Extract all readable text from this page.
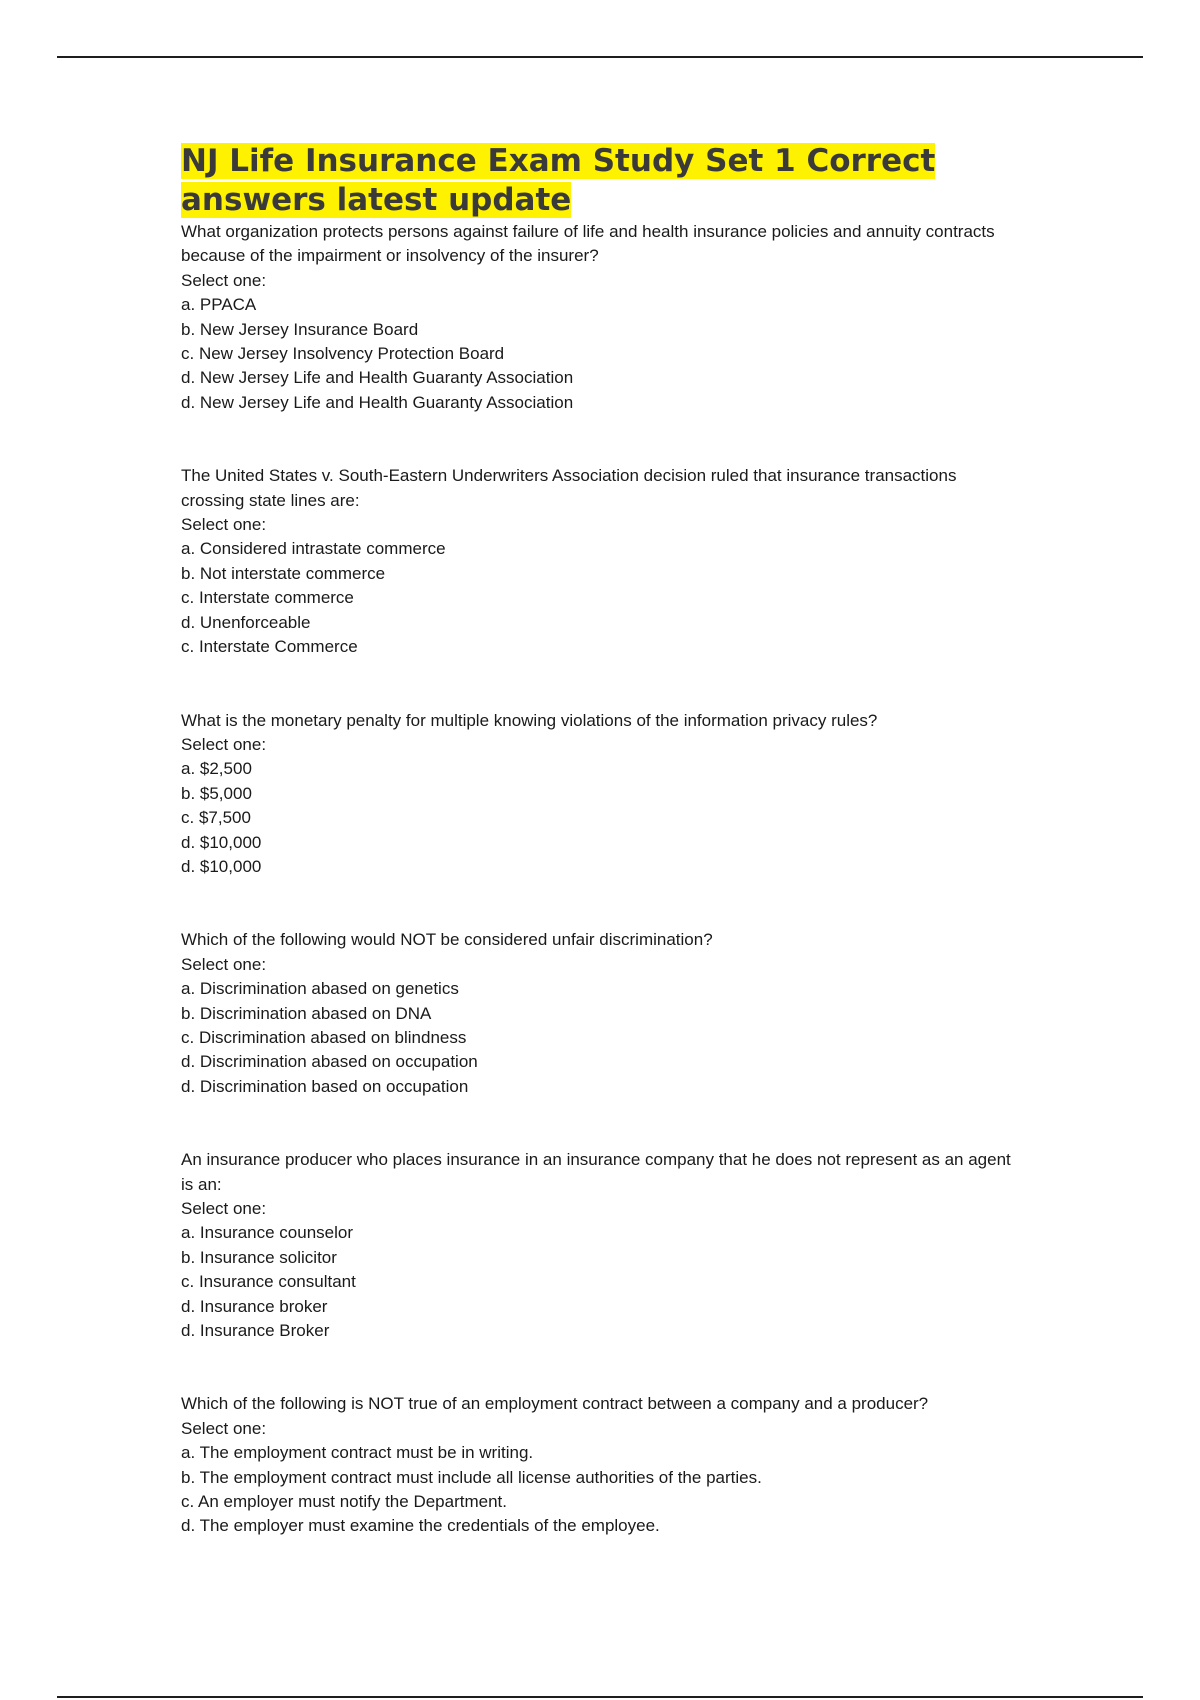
NJ Life Insurance Exam Study Set 1 Correct
answers latest update
What organization protects persons against failure of life and health insurance policies and annuity contracts because of the impairment or insolvency of the insurer?
Select one:
a. PPACA
b. New Jersey Insurance Board
c. New Jersey Insolvency Protection Board
d. New Jersey Life and Health Guaranty Association
d. New Jersey Life and Health Guaranty Association
The United States v. South-Eastern Underwriters Association decision ruled that insurance transactions crossing state lines are:
Select one:
a. Considered intrastate commerce
b. Not interstate commerce
c. Interstate commerce
d. Unenforceable
c. Interstate Commerce
What is the monetary penalty for multiple knowing violations of the information privacy rules?
Select one:
a. $2,500
b. $5,000
c. $7,500
d. $10,000
d. $10,000
Which of the following would NOT be considered unfair discrimination?
Select one:
a. Discrimination abased on genetics
b. Discrimination abased on DNA
c. Discrimination abased on blindness
d. Discrimination abased on occupation
d. Discrimination based on occupation
An insurance producer who places insurance in an insurance company that he does not represent as an agent is an:
Select one:
a. Insurance counselor
b. Insurance solicitor
c. Insurance consultant
d. Insurance broker
d. Insurance Broker
Which of the following is NOT true of an employment contract between a company and a producer?
Select one:
a. The employment contract must be in writing.
b. The employment contract must include all license authorities of the parties.
c. An employer must notify the Department.
d. The employer must examine the credentials of the employee.
